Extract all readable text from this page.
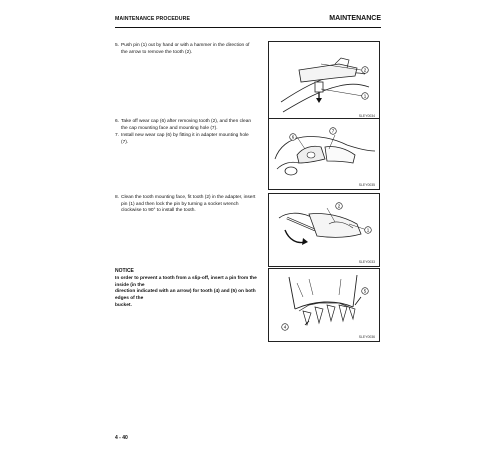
MAINTENANCE PROCEDURE	MAINTENANCE
5. Push pin (1) out by hand or with a hammer in the direction of
the arrow to remove the tooth (2).
2
1
SLEY0034
6. Take off wear cap (6) after removing tooth (2), and then clean
the cap mounting face and mounting hole (7).
7. Install new wear cap (6) by fitting it in adapter mounting hole
(7).
6
7
SLEY0035
8. Clean the tooth mounting face, fit tooth (2) in the adapter, insert
pin (1) and then lock the pin by turning a socket wrench
clockwise to 90° to install the tooth.
2
1
SLEY0033
NOTICE
In order to prevent a tooth from a slip-off, insert a pin from the inside (in the
direction indicated with an arrow) for tooth (4) and (5) on both edges of the
bucket.
5
4
SLEY0036
4 - 40
